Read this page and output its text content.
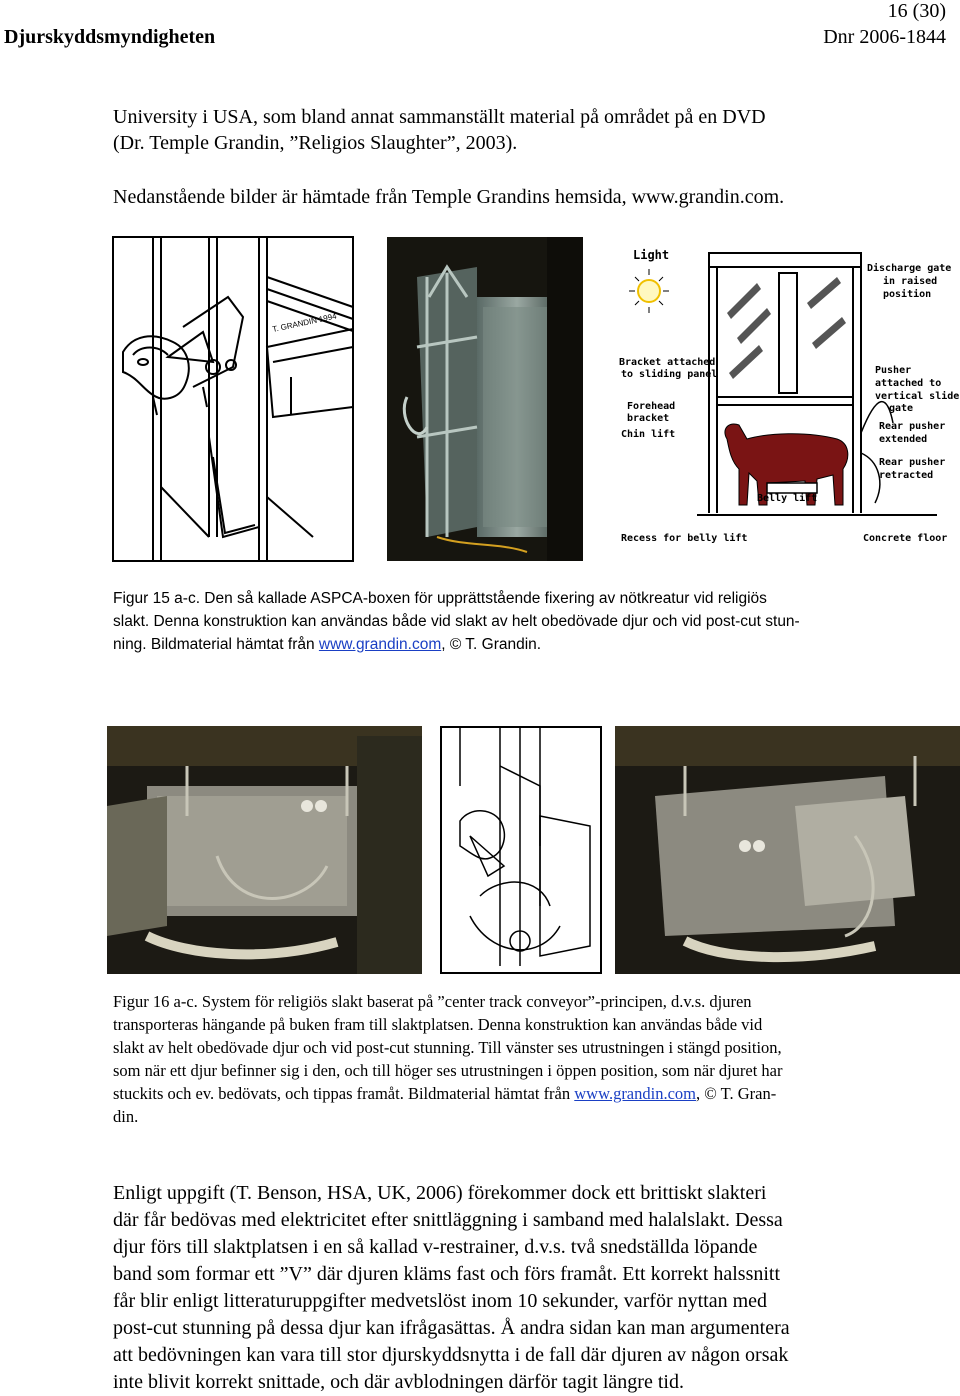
16 (30)
Djurskyddsmyndigheten	Dnr 2006-1844

University i USA, som bland annat sammanställt material på området på en DVD
(Dr. Temple Grandin, ”Religios Slaughter”, 2003).

Nedanstående bilder är hämtade från Temple Grandins hemsida, www.grandin.com.

T. GRANDIN 1994
Light
Discharge gate
in raised
position
Bracket attached
to sliding panel
Forehead
bracket
Chin lift
Pusher
attached to
vertical slide
gate
Rear pusher
extended
Rear pusher
retracted
Belly lift
Recess for belly lift	Concrete floor

Figur 15 a-c. Den så kallade ASPCA-boxen för upprättstående fixering av nötkreatur vid religiös
slakt. Denna konstruktion kan användas både vid slakt av helt obedövade djur och vid post-cut stun-
ning. Bildmaterial hämtat från www.grandin.com, © T. Grandin.

Figur 16 a-c. System för religiös slakt baserat på ”center track conveyor”-principen, d.v.s. djuren
transporteras hängande på buken fram till slaktplatsen. Denna konstruktion kan användas både vid
slakt av helt obedövade djur och vid post-cut stunning. Till vänster ses utrustningen i stängd position,
som när ett djur befinner sig i den, och till höger ses utrustningen i öppen position, som när djuret har
stuckits och ev. bedövats, och tippas framåt. Bildmaterial hämtat från www.grandin.com, © T. Gran-
din.

Enligt uppgift (T. Benson, HSA, UK, 2006) förekommer dock ett brittiskt slakteri
där får bedövas med elektricitet efter snittläggning i samband med halalslakt. Dessa
djur förs till slaktplatsen i en så kallad v-restrainer, d.v.s. två snedställda löpande
band som formar ett ”V” där djuren kläms fast och förs framåt. Ett korrekt halssnitt
får blir enligt litteraturuppgifter medvetslöst inom 10 sekunder, varför nyttan med
post-cut stunning på dessa djur kan ifrågasättas. Å andra sidan kan man argumentera
att bedövningen kan vara till stor djurskyddsnytta i de fall där djuren av någon orsak
inte blivit korrekt snittade, och där avblodningen därför tagit längre tid.
